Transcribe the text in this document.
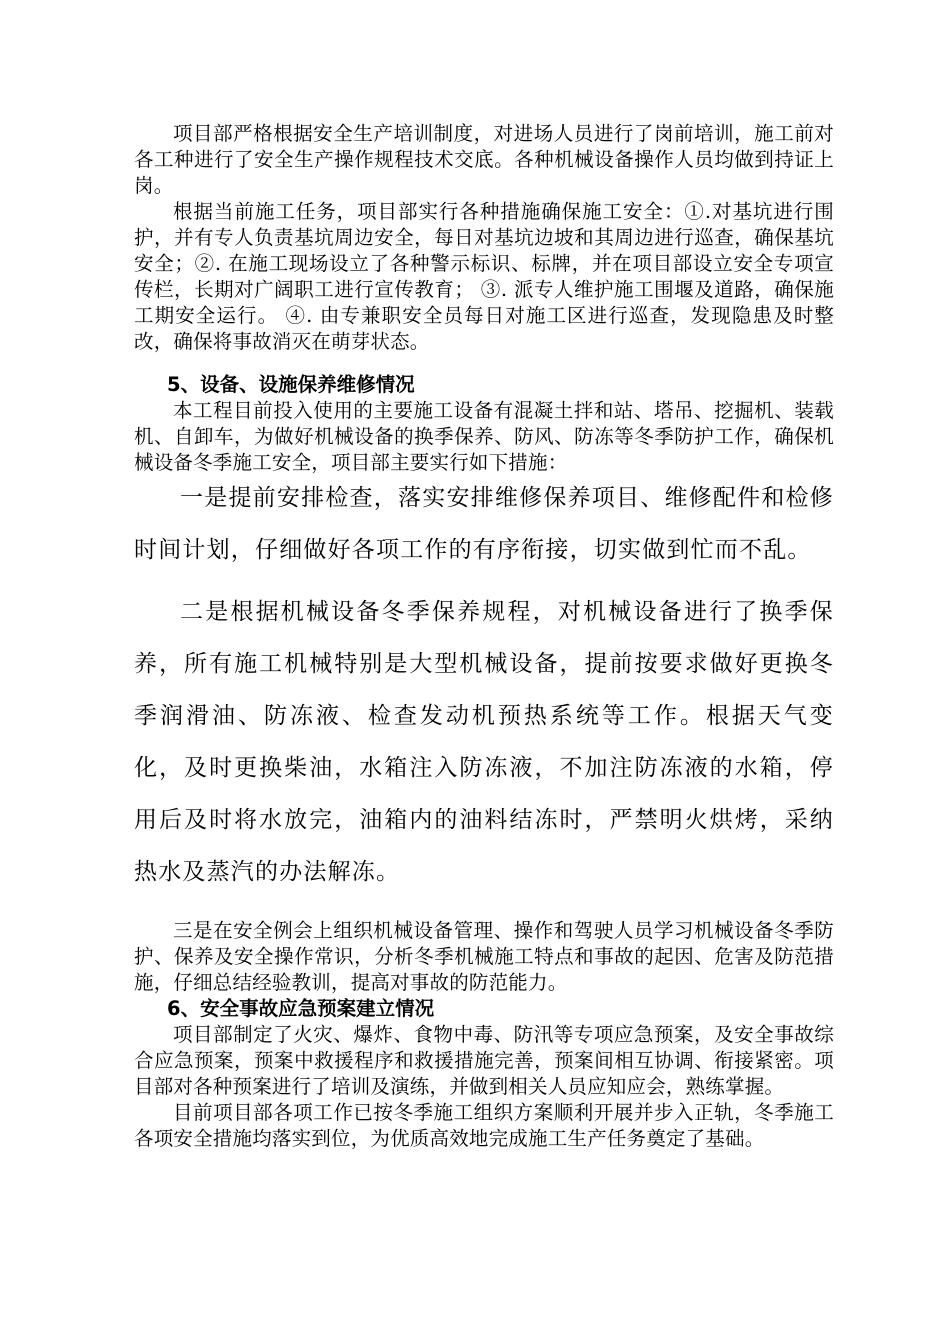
项目部严格根据安全生产培训制度，对进场人员进行了岗前培训，施工前对各工种进行了安全生产操作规程技术交底。各种机械设备操作人员均做到持证上岗。

根据当前施工任务，项目部实行各种措施确保施工安全：①.对基坑进行围护，并有专人负责基坑周边安全，每日对基坑边坡和其周边进行巡查，确保基坑安全；②. 在施工现场设立了各种警示标识、标牌，并在项目部设立安全专项宣传栏，长期对广阔职工进行宣传教育； ③. 派专人维护施工围堰及道路，确保施工期安全运行。 ④. 由专兼职安全员每日对施工区进行巡查，发现隐患及时整改，确保将事故消灭在萌芽状态。

5、设备、设施保养维修情况

本工程目前投入使用的主要施工设备有混凝土拌和站、塔吊、挖掘机、装载机、自卸车，为做好机械设备的换季保养、防风、防冻等冬季防护工作，确保机械设备冬季施工安全，项目部主要实行如下措施：

一是提前安排检查，落实安排维修保养项目、维修配件和检修时间计划，仔细做好各项工作的有序衔接，切实做到忙而不乱。

二是根据机械设备冬季保养规程，对机械设备进行了换季保养，所有施工机械特别是大型机械设备，提前按要求做好更换冬季润滑油、防冻液、检查发动机预热系统等工作。根据天气变化，及时更换柴油，水箱注入防冻液，不加注防冻液的水箱，停用后及时将水放完，油箱内的油料结冻时，严禁明火烘烤，采纳热水及蒸汽的办法解冻。

三是在安全例会上组织机械设备管理、操作和驾驶人员学习机械设备冬季防护、保养及安全操作常识，分析冬季机械施工特点和事故的起因、危害及防范措施，仔细总结经验教训，提高对事故的防范能力。

6、安全事故应急预案建立情况

项目部制定了火灾、爆炸、食物中毒、防汛等专项应急预案，及安全事故综合应急预案，预案中救援程序和救援措施完善，预案间相互协调、衔接紧密。项目部对各种预案进行了培训及演练，并做到相关人员应知应会，熟练掌握。

目前项目部各项工作已按冬季施工组织方案顺利开展并步入正轨，冬季施工各项安全措施均落实到位，为优质高效地完成施工生产任务奠定了基础。
